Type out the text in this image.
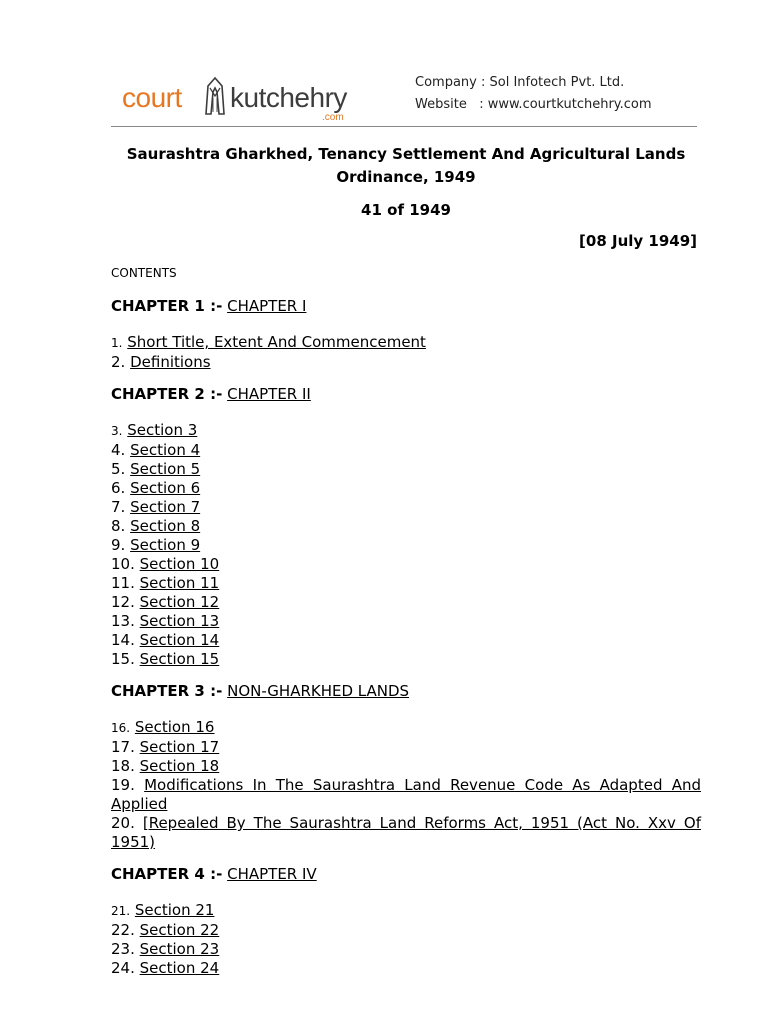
court kutchehry
.com
Company : Sol Infotech Pvt. Ltd.
Website   : www.courtkutchehry.com
Saurashtra Gharkhed, Tenancy Settlement And Agricultural Lands Ordinance, 1949
41 of 1949
[08 July 1949]
CONTENTS
CHAPTER 1 :- CHAPTER I
1. Short Title, Extent And Commencement
2. Definitions
CHAPTER 2 :- CHAPTER II
3. Section 3
4. Section 4
5. Section 5
6. Section 6
7. Section 7
8. Section 8
9. Section 9
10. Section 10
11. Section 11
12. Section 12
13. Section 13
14. Section 14
15. Section 15
CHAPTER 3 :- NON-GHARKHED LANDS
16. Section 16
17. Section 17
18. Section 18
19. Modifications In The Saurashtra Land Revenue Code As Adapted And Applied
20. [Repealed By The Saurashtra Land Reforms Act, 1951 (Act No. Xxv Of 1951)
CHAPTER 4 :- CHAPTER IV
21. Section 21
22. Section 22
23. Section 23
24. Section 24
